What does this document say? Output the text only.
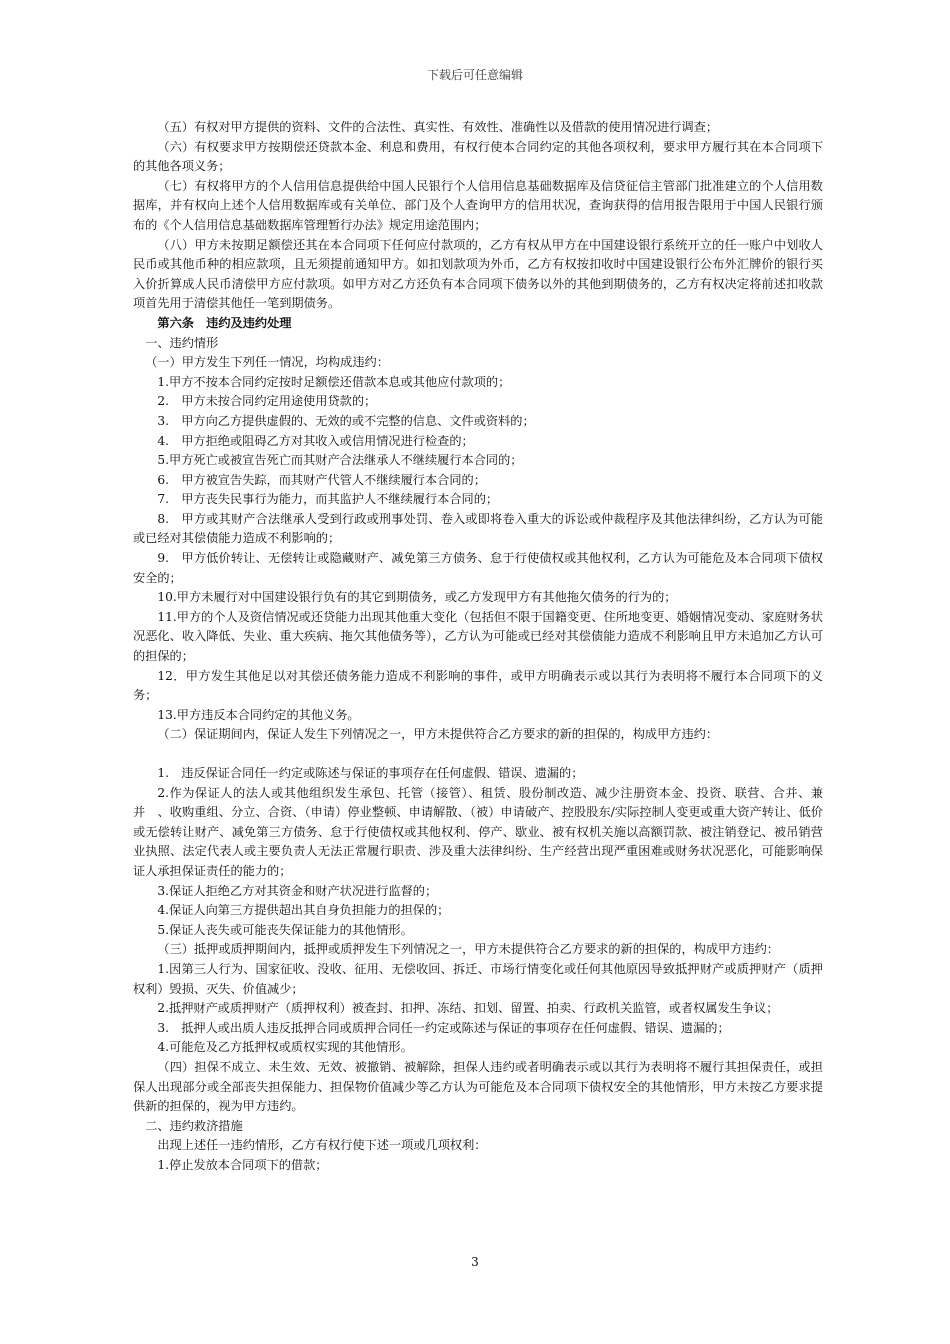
下载后可任意编辑

（五）有权对甲方提供的资料、文件的合法性、真实性、有效性、准确性以及借款的使用情况进行调查；

（六）有权要求甲方按期偿还贷款本金、利息和费用，有权行使本合同约定的其他各项权利，要求甲方履行其在本合同项下的其他各项义务；

（七）有权将甲方的个人信用信息提供给中国人民银行个人信用信息基础数据库及信贷征信主管部门批准建立的个人信用数据库，并有权向上述个人信用数据库或有关单位、部门及个人查询甲方的信用状况，查询获得的信用报告限用于中国人民银行颁布的《个人信用信息基础数据库管理暂行办法》规定用途范围内；

（八）甲方未按期足额偿还其在本合同项下任何应付款项的，乙方有权从甲方在中国建设银行系统开立的任一账户中划收人民币或其他币种的相应款项，且无须提前通知甲方。如扣划款项为外币，乙方有权按扣收时中国建设银行公布外汇牌价的银行买入价折算成人民币清偿甲方应付款项。如甲方对乙方还负有本合同项下债务以外的其他到期债务的，乙方有权决定将前述扣收款项首先用于清偿其他任一笔到期债务。

第六条　违约及违约处理

一、违约情形

（一）甲方发生下列任一情况，均构成违约：

1.甲方不按本合同约定按时足额偿还借款本息或其他应付款项的；

2.　甲方未按合同约定用途使用贷款的；

3.　甲方向乙方提供虚假的、无效的或不完整的信息、文件或资料的；

4.　甲方拒绝或阻碍乙方对其收入或信用情况进行检查的；

5.甲方死亡或被宣告死亡而其财产合法继承人不继续履行本合同的；

6.　甲方被宣告失踪，而其财产代管人不继续履行本合同的；

7.　甲方丧失民事行为能力，而其监护人不继续履行本合同的；

8.　甲方或其财产合法继承人受到行政或刑事处罚、卷入或即将卷入重大的诉讼或仲裁程序及其他法律纠纷，乙方认为可能或已经对其偿债能力造成不利影响的；

9.　甲方低价转让、无偿转让或隐藏财产、减免第三方债务、怠于行使债权或其他权利，乙方认为可能危及本合同项下债权安全的；

10.甲方未履行对中国建设银行负有的其它到期债务，或乙方发现甲方有其他拖欠债务的行为的；

11.甲方的个人及资信情况或还贷能力出现其他重大变化（包括但不限于国籍变更、住所地变更、婚姻情况变动、家庭财务状况恶化、收入降低、失业、重大疾病、拖欠其他债务等），乙方认为可能或已经对其偿债能力造成不利影响且甲方未追加乙方认可的担保的；

12．甲方发生其他足以对其偿还债务能力造成不利影响的事件，或甲方明确表示或以其行为表明将不履行本合同项下的义务；

13.甲方违反本合同约定的其他义务。

（二）保证期间内，保证人发生下列情况之一，甲方未提供符合乙方要求的新的担保的，构成甲方违约：

1.　违反保证合同任一约定或陈述与保证的事项存在任何虚假、错误、遗漏的；

2.作为保证人的法人或其他组织发生承包、托管（接管）、租赁、股份制改造、减少注册资本金、投资、联营、合并、兼并　、收购重组、分立、合资、（申请）停业整顿、申请解散、（被）申请破产、控股股东/实际控制人变更或重大资产转让、低价或无偿转让财产、减免第三方债务、怠于行使债权或其他权利、停产、歇业、被有权机关施以高额罚款、被注销登记、被吊销营业执照、法定代表人或主要负责人无法正常履行职责、涉及重大法律纠纷、生产经营出现严重困难或财务状况恶化，可能影响保证人承担保证责任的能力的；

3.保证人拒绝乙方对其资金和财产状况进行监督的；

4.保证人向第三方提供超出其自身负担能力的担保的；

5.保证人丧失或可能丧失保证能力的其他情形。

（三）抵押或质押期间内，抵押或质押发生下列情况之一，甲方未提供符合乙方要求的新的担保的，构成甲方违约：

1.因第三人行为、国家征收、没收、征用、无偿收回、拆迁、市场行情变化或任何其他原因导致抵押财产或质押财产（质押权利）毁损、灭失、价值减少；

2.抵押财产或质押财产（质押权利）被查封、扣押、冻结、扣划、留置、拍卖、行政机关监管，或者权属发生争议；

3.　抵押人或出质人违反抵押合同或质押合同任一约定或陈述与保证的事项存在任何虚假、错误、遗漏的；

4.可能危及乙方抵押权或质权实现的其他情形。

（四）担保不成立、未生效、无效、被撤销、被解除，担保人违约或者明确表示或以其行为表明将不履行其担保责任，或担保人出现部分或全部丧失担保能力、担保物价值减少等乙方认为可能危及本合同项下债权安全的其他情形，甲方未按乙方要求提供新的担保的，视为甲方违约。

二、违约救济措施

出现上述任一违约情形，乙方有权行使下述一项或几项权利：

1.停止发放本合同项下的借款；

3
